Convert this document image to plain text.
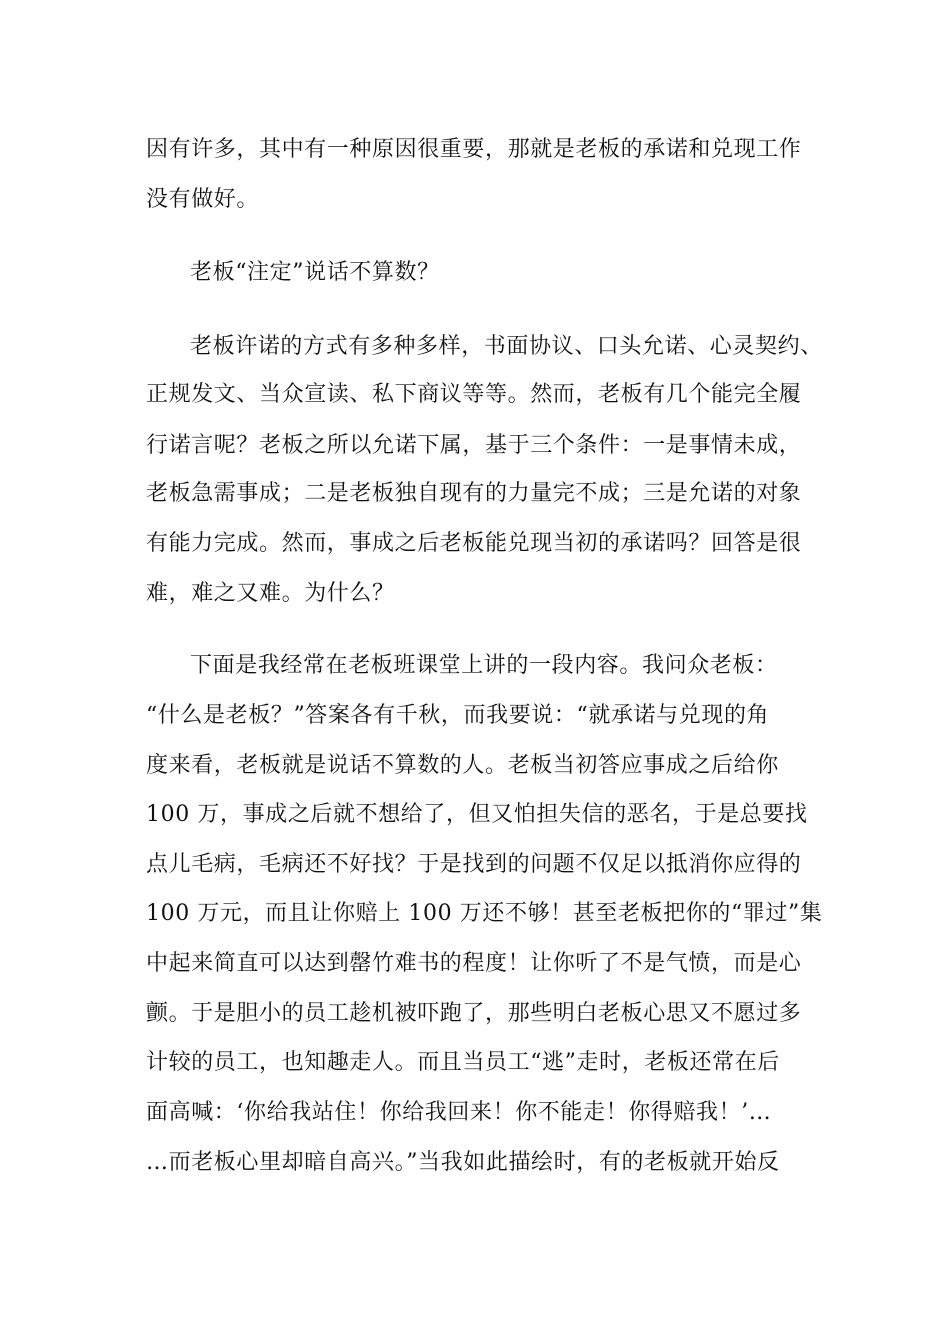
因有许多，其中有一种原因很重要，那就是老板的承诺和兑现工作
没有做好。
老板“注定”说话不算数？
老板许诺的方式有多种多样，书面协议、口头允诺、心灵契约、
正规发文、当众宣读、私下商议等等。然而，老板有几个能完全履
行诺言呢？老板之所以允诺下属，基于三个条件：一是事情未成，
老板急需事成；二是老板独自现有的力量完不成；三是允诺的对象
有能力完成。然而，事成之后老板能兑现当初的承诺吗？回答是很
难，难之又难。为什么？
下面是我经常在老板班课堂上讲的一段内容。我问众老板：
“什么是老板？”答案各有千秋，而我要说：“就承诺与兑现的角
度来看，老板就是说话不算数的人。老板当初答应事成之后给你
100 万，事成之后就不想给了，但又怕担失信的恶名，于是总要找
点儿毛病，毛病还不好找？于是找到的问题不仅足以抵消你应得的
100 万元，而且让你赔上 100 万还不够！甚至老板把你的“罪过”集
中起来简直可以达到罄竹难书的程度！让你听了不是气愤，而是心
颤。于是胆小的员工趁机被吓跑了，那些明白老板心思又不愿过多
计较的员工，也知趣走人。而且当员工“逃”走时，老板还常在后
面高喊：‘你给我站住！你给我回来！你不能走！你得赔我！’…
…而老板心里却暗自高兴。”当我如此描绘时，有的老板就开始反
